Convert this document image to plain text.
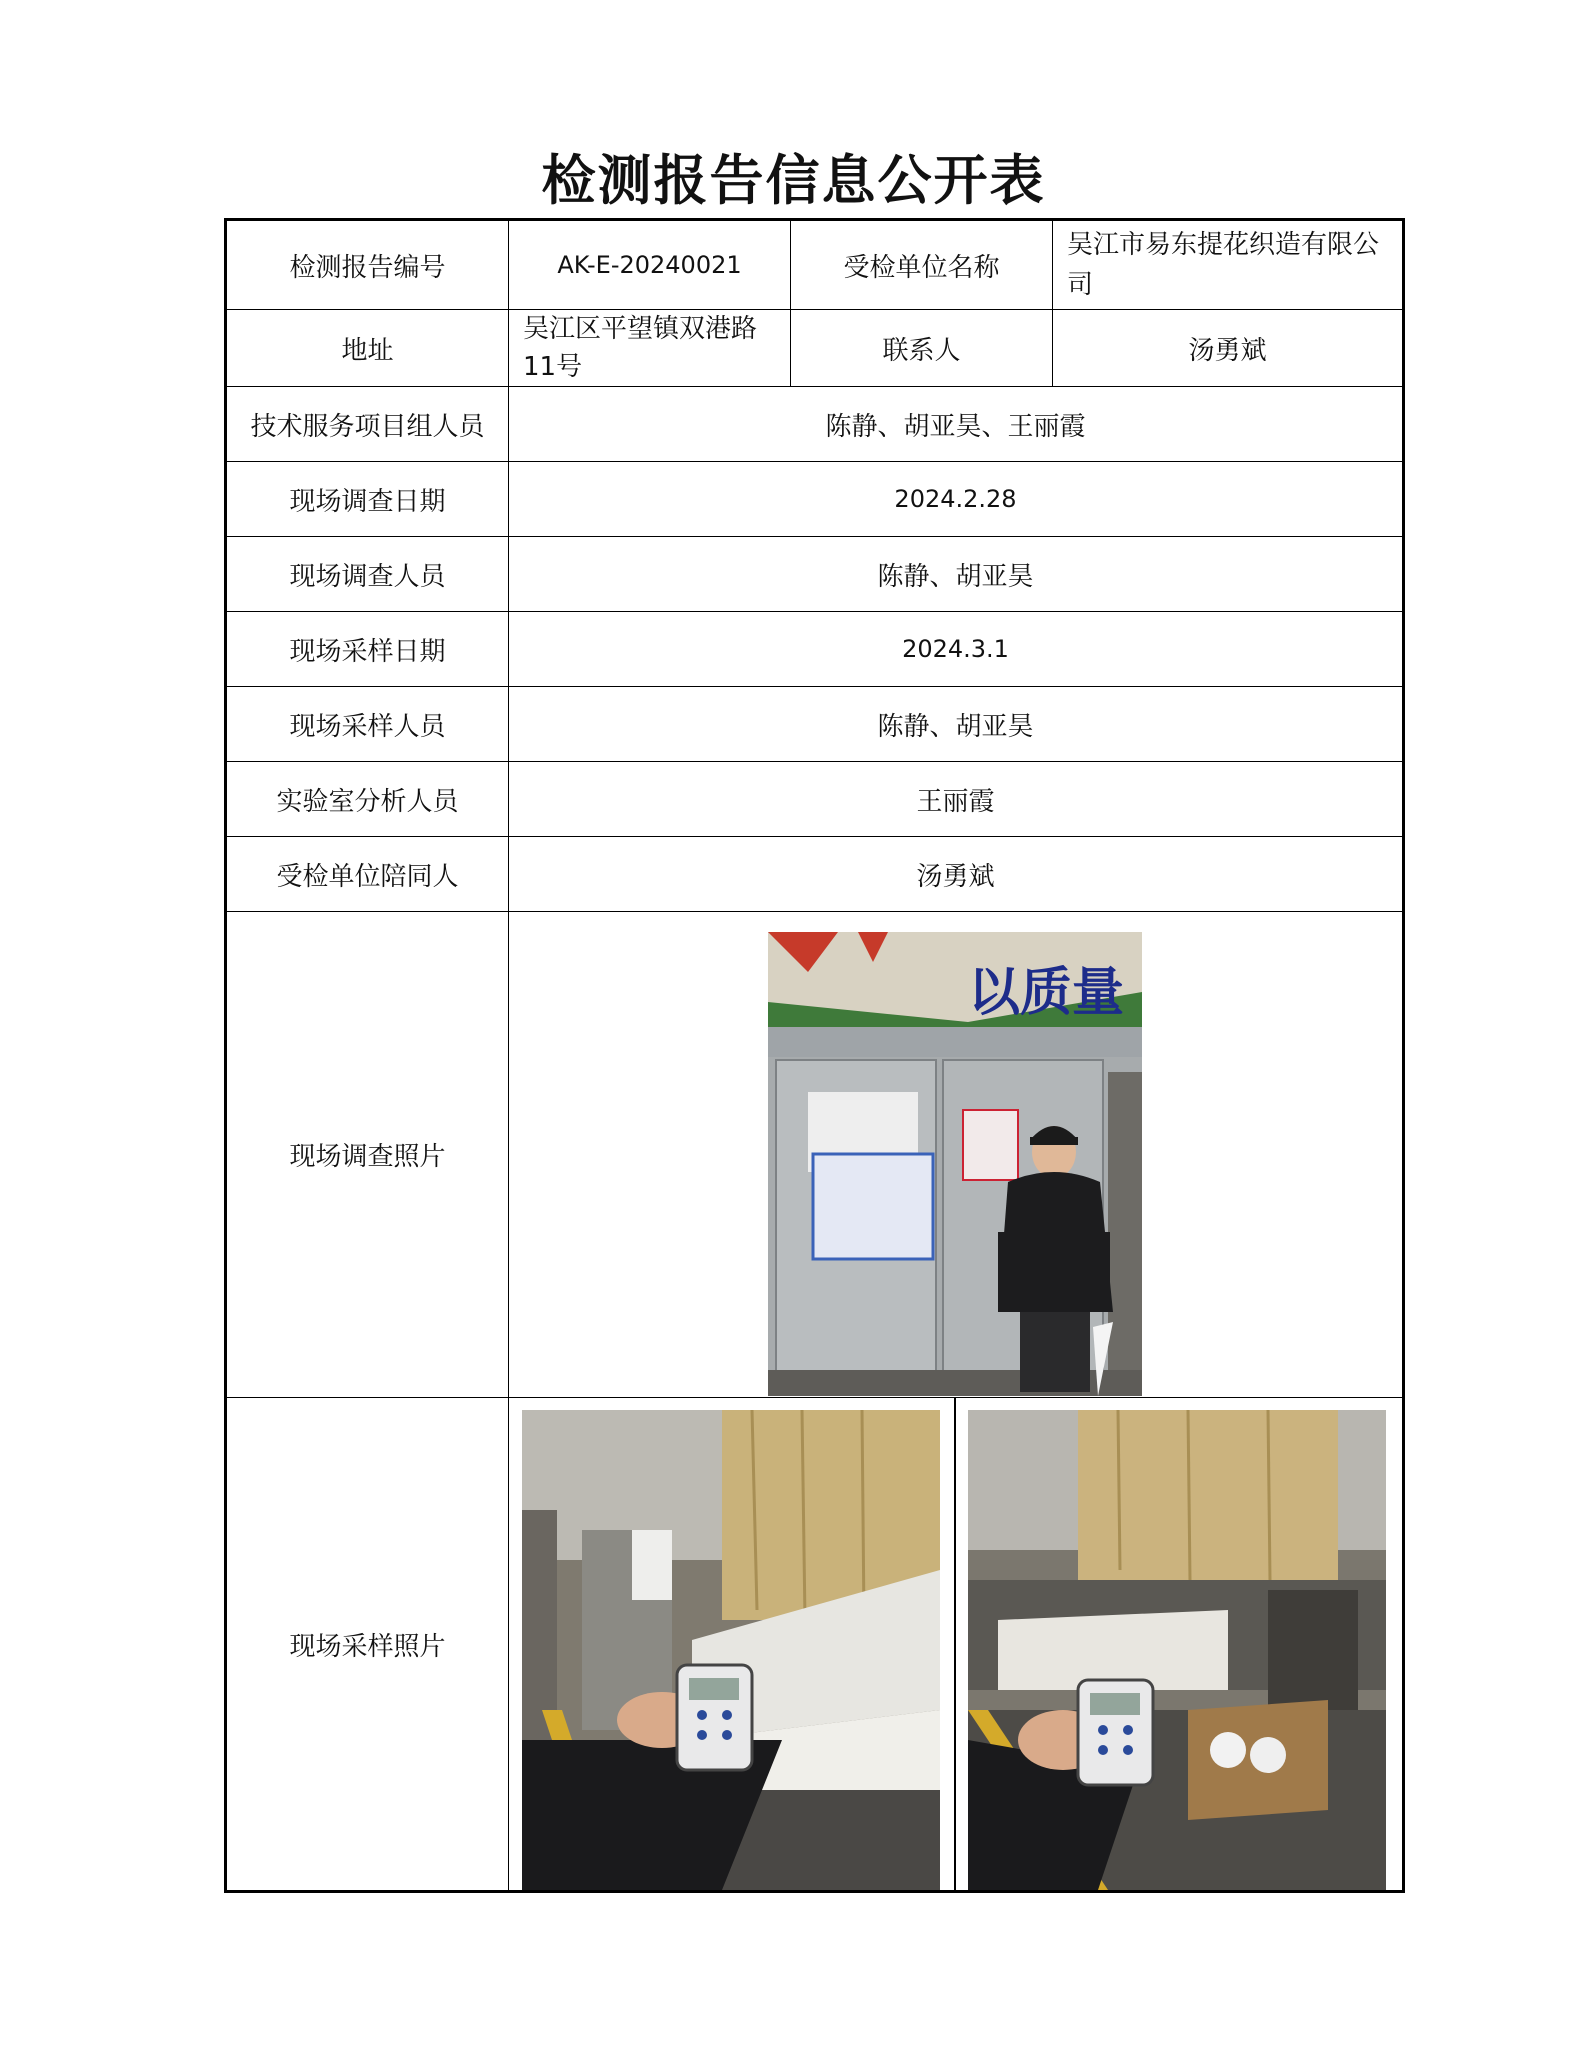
检测报告信息公开表
检测报告编号	AK-E-20240021	受检单位名称	吴江市易东提花织造有限公司
地址	吴江区平望镇双港路11号	联系人	汤勇斌
技术服务项目组人员	陈静、胡亚昊、王丽霞		
现场调查日期	2024.2.28		
现场调查人员	陈静、胡亚昊		
现场采样日期	2024.3.1		
现场采样人员	陈静、胡亚昊		
实验室分析人员	王丽霞		
受检单位陪同人	汤勇斌		
现场调查照片	以质量		

现场采样照片	
